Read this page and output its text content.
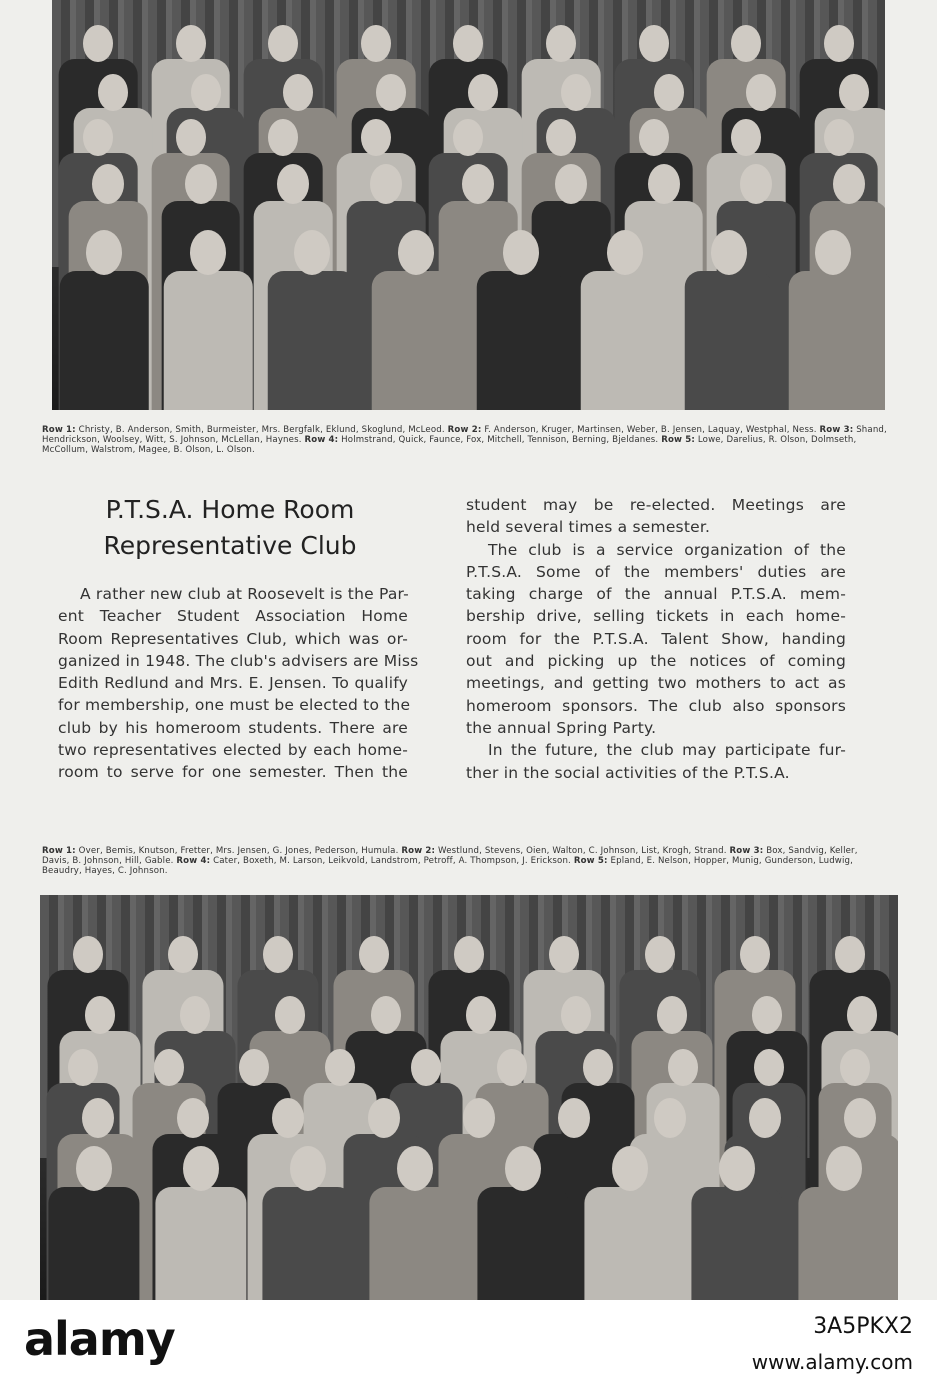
Row 1: Christy, B. Anderson, Smith, Burmeister, Mrs. Bergfalk, Eklund, Skoglund, McLeod. Row 2: F. Anderson, Kruger, Martinsen, Weber, B. Jensen, Laquay, Westphal, Ness. Row 3: Shand, Hendrickson, Woolsey, Witt, S. Johnson, McLellan, Haynes. Row 4: Holmstrand, Quick, Faunce, Fox, Mitchell, Tennison, Berning, Bjeldanes. Row 5: Lowe, Darelius, R. Olson, Dolmseth, McCollum, Walstrom, Magee, B. Olson, L. Olson.
P.T.S.A. Home Room
Representative Club
A rather new club at Roosevelt is the Par-
ent Teacher Student Association Home
Room Representatives Club, which was or-
ganized in 1948. The club's advisers are Miss
Edith Redlund and Mrs. E. Jensen. To qualify
for membership, one must be elected to the
club by his homeroom students. There are
two representatives elected by each home-
room to serve for one semester. Then the
student may be re-elected. Meetings are
held several times a semester.
The club is a service organization of the
P.T.S.A. Some of the members' duties are
taking charge of the annual P.T.S.A. mem-
bership drive, selling tickets in each home-
room for the P.T.S.A. Talent Show, handing
out and picking up the notices of coming
meetings, and getting two mothers to act as
homeroom sponsors. The club also sponsors
the annual Spring Party.
In the future, the club may participate fur-
ther in the social activities of the P.T.S.A.
Row 1: Over, Bemis, Knutson, Fretter, Mrs. Jensen, G. Jones, Pederson, Humula. Row 2: Westlund, Stevens, Oien, Walton, C. Johnson, List, Krogh, Strand. Row 3: Box, Sandvig, Keller, Davis, B. Johnson, Hill, Gable. Row 4: Cater, Boxeth, M. Larson, Leikvold, Landstrom, Petroff, A. Thompson, J. Erickson. Row 5: Epland, E. Nelson, Hopper, Munig, Gunderson, Ludwig, Beaudry, Hayes, C. Johnson.
alamy	3A5PKX2
www.alamy.com
